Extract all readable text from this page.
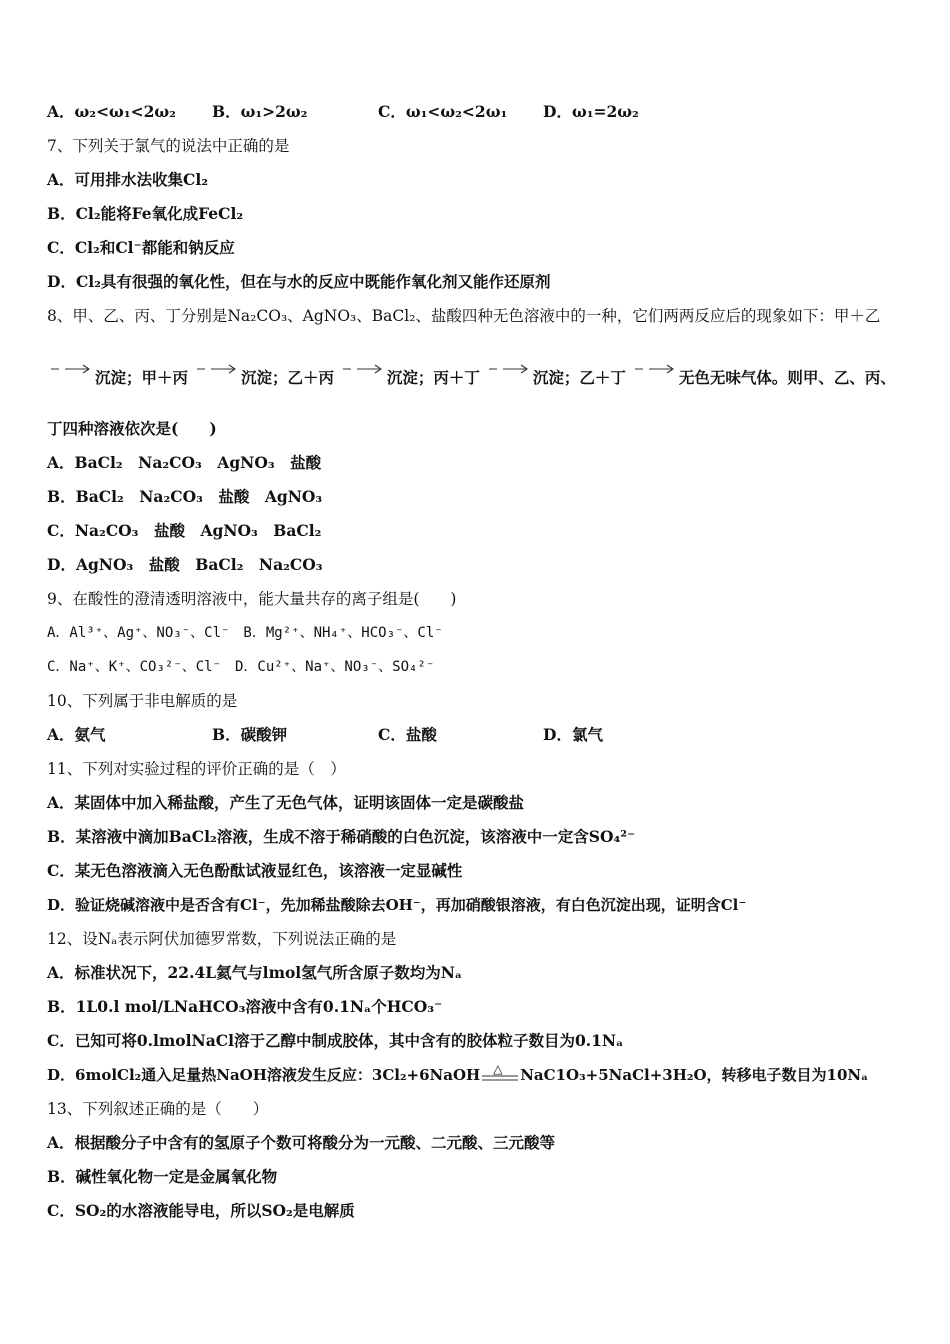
A．ω₂<ω₁<2ω₂ B．ω₁>2ω₂	C．ω₁<ω₂<2ω₁ D．ω₁=2ω₂
7、下列关于氯气的说法中正确的是
A．可用排水法收集Cl₂
B．Cl₂能将Fe氧化成FeCl₂
C．Cl₂和Cl⁻都能和钠反应
D．Cl₂具有很强的氧化性，但在与水的反应中既能作氧化剂又能作还原剂
8、甲、乙、丙、丁分别是Na₂CO₃、AgNO₃、BaCl₂、盐酸四种无色溶液中的一种，它们两两反应后的现象如下：甲＋乙
→沉淀；甲＋丙 →沉淀；乙＋丙 →沉淀；丙＋丁 →沉淀；乙＋丁 →无色无味气体。则甲、乙、丙、
丁四种溶液依次是(　　)
A．BaCl₂　Na₂CO₃　AgNO₃　盐酸
B．BaCl₂　Na₂CO₃　盐酸　AgNO₃
C．Na₂CO₃　盐酸　AgNO₃　BaCl₂
D．AgNO₃　盐酸　BaCl₂　Na₂CO₃
9、在酸性的澄清透明溶液中，能大量共存的离子组是(　　)
A．Al³⁺、Ag⁺、NO₃⁻、Cl⁻　B．Mg²⁺、NH₄⁺、HCO₃⁻、Cl⁻
C．Na⁺、K⁺、CO₃²⁻、Cl⁻　D．Cu²⁺、Na⁺、NO₃⁻、SO₄²⁻
10、下列属于非电解质的是
A．氨气	B．碳酸钾	C．盐酸	D．氯气
11、下列对实验过程的评价正确的是（　）
A．某固体中加入稀盐酸，产生了无色气体，证明该固体一定是碳酸盐
B．某溶液中滴加BaCl₂溶液，生成不溶于稀硝酸的白色沉淀，该溶液中一定含SO₄²⁻
C．某无色溶液滴入无色酚酞试液显红色，该溶液一定显碱性
D．验证烧碱溶液中是否含有Cl⁻，先加稀盐酸除去OH⁻，再加硝酸银溶液，有白色沉淀出现，证明含Cl⁻
12、设Nₐ表示阿伏加德罗常数，下列说法正确的是
A．标准状况下，22.4L氦气与lmol氢气所含原子数均为Nₐ
B．1L0.l mol/LNaHCO₃溶液中含有0.1Nₐ个HCO₃⁻
C．已知可将0.lmolNaCl溶于乙醇中制成胶体，其中含有的胶体粒子数目为0.1Nₐ
D．6molCl₂通入足量热NaOH溶液发生反应：3Cl₂+6NaOH △ NaC1O₃+5NaCl+3H₂O，转移电子数目为10Nₐ
13、下列叙述正确的是（　　）
A．根据酸分子中含有的氢原子个数可将酸分为一元酸、二元酸、三元酸等
B．碱性氧化物一定是金属氧化物
C．SO₂的水溶液能导电，所以SO₂是电解质
